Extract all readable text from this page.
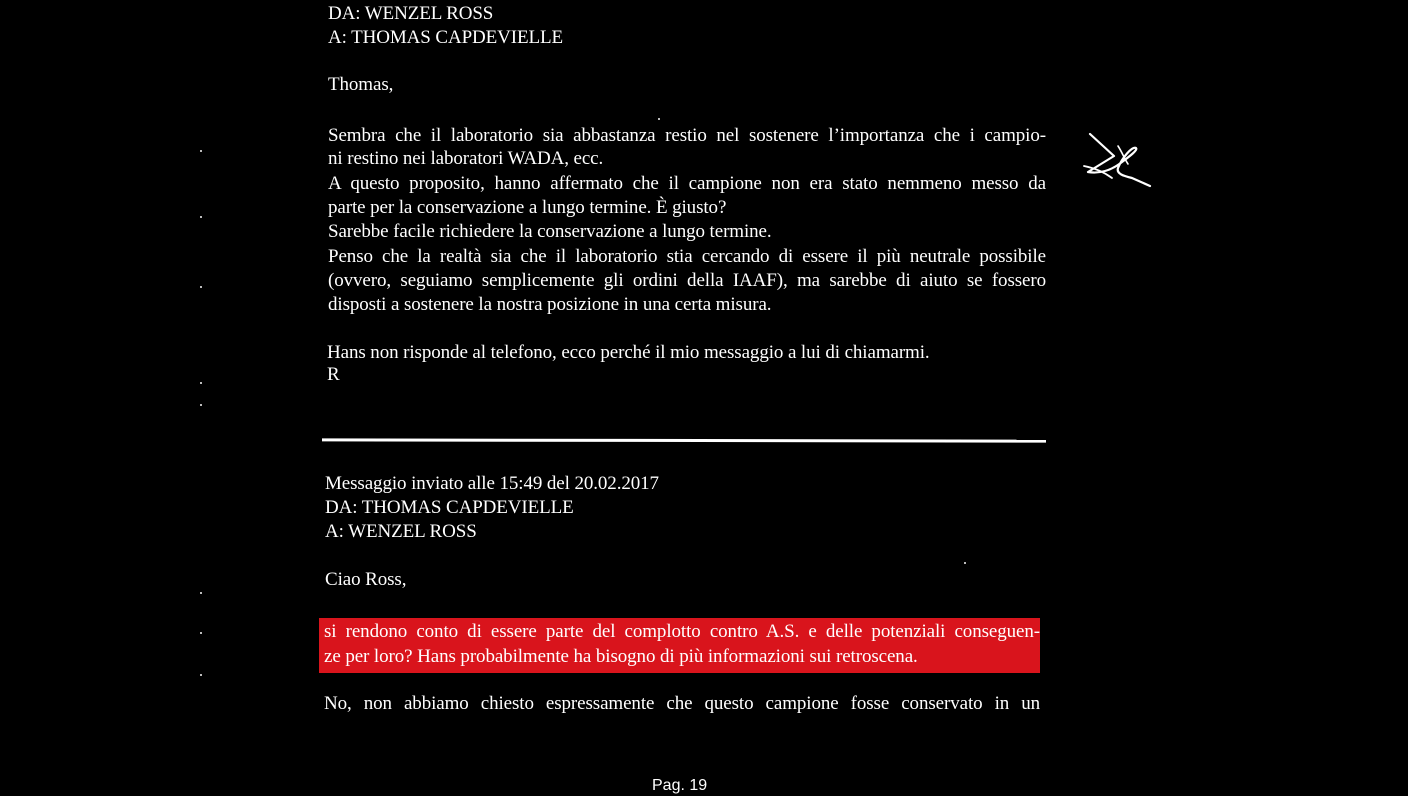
DA: WENZEL ROSS
A: THOMAS CAPDEVIELLE
Thomas,
Sembra che il laboratorio sia abbastanza restio nel sostenere l’importanza che i campio-
ni restino nei laboratori WADA, ecc.
A questo proposito, hanno affermato che il campione non era stato nemmeno messo da
parte per la conservazione a lungo termine. È giusto?
Sarebbe facile richiedere la conservazione a lungo termine.
Penso che la realtà sia che il laboratorio stia cercando di essere il più neutrale possibile
(ovvero, seguiamo semplicemente gli ordini della IAAF), ma sarebbe di aiuto se fossero
disposti a sostenere la nostra posizione in una certa misura.
Hans non risponde al telefono, ecco perché il mio messaggio a lui di chiamarmi.
R
Messaggio inviato alle 15:49 del 20.02.2017
DA: THOMAS CAPDEVIELLE
A: WENZEL ROSS
Ciao Ross,
si rendono conto di essere parte del complotto contro A.S. e delle potenziali conseguen-
ze per loro? Hans probabilmente ha bisogno di più informazioni sui retroscena.
No, non abbiamo chiesto espressamente che questo campione fosse conservato in un
Pag. 19
